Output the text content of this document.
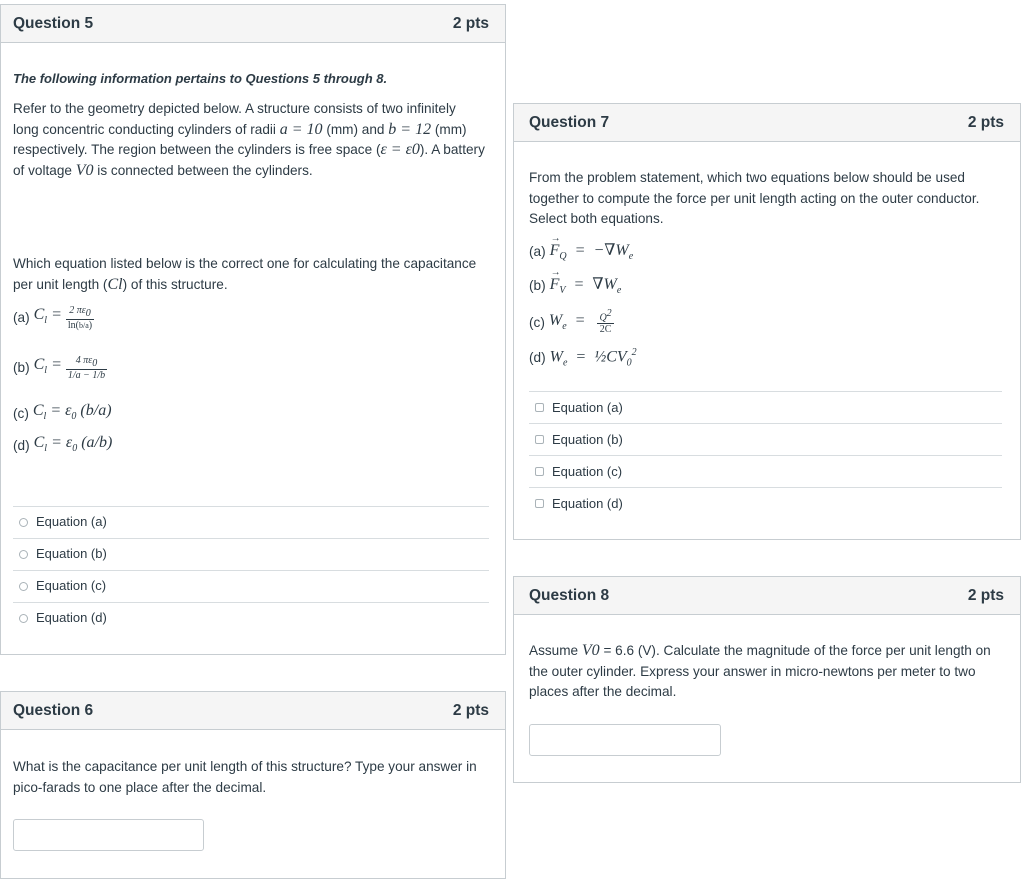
Question 5	2 pts

The following information pertains to Questions 5 through 8.

Refer to the geometry depicted below. A structure consists of two infinitely long concentric conducting cylinders of radii a = 10 (mm) and b = 12 (mm) respectively. The region between the cylinders is free space (ε = ε0). A battery of voltage V0 is connected between the cylinders.

Which equation listed below is the correct one for calculating the capacitance per unit length (Cl) of this structure.

(a) $C_l = \frac{2 \pi\varepsilon_0}{\ln(b/a)}$
(b) $C_l = \frac{4 \pi\varepsilon_0}{1/a - 1/b}$
(c) $C_l = \varepsilon_0$ (b/a)
(d) $C_l = \varepsilon_0$ (a/b)
Equation (a)
Equation (b)
Equation (c)
Equation (d)
Question 6	2 pts

What is the capacitance per unit length of this structure? Type your answer in pico-farads to one place after the decimal.

Question 7	2 pts

From the problem statement, which two equations below should be used together to compute the force per unit length acting on the outer conductor. Select both equations.

(a)
→ $F_Q = -\nabla W_e$
(b)
→ $F_V = \nabla W_e$
(c) $W_e = \frac{Q^2}{2C}$
(d) $W_e$  =  $\frac{1}{2}CV_0^2$
Equation (a)
Equation (b)
Equation (c)
Equation (d)
Question 8	2 pts

Assume V0 = 6.6 (V). Calculate the magnitude of the force per unit length on the outer cylinder. Express your answer in micro-newtons per meter to two places after the decimal.
